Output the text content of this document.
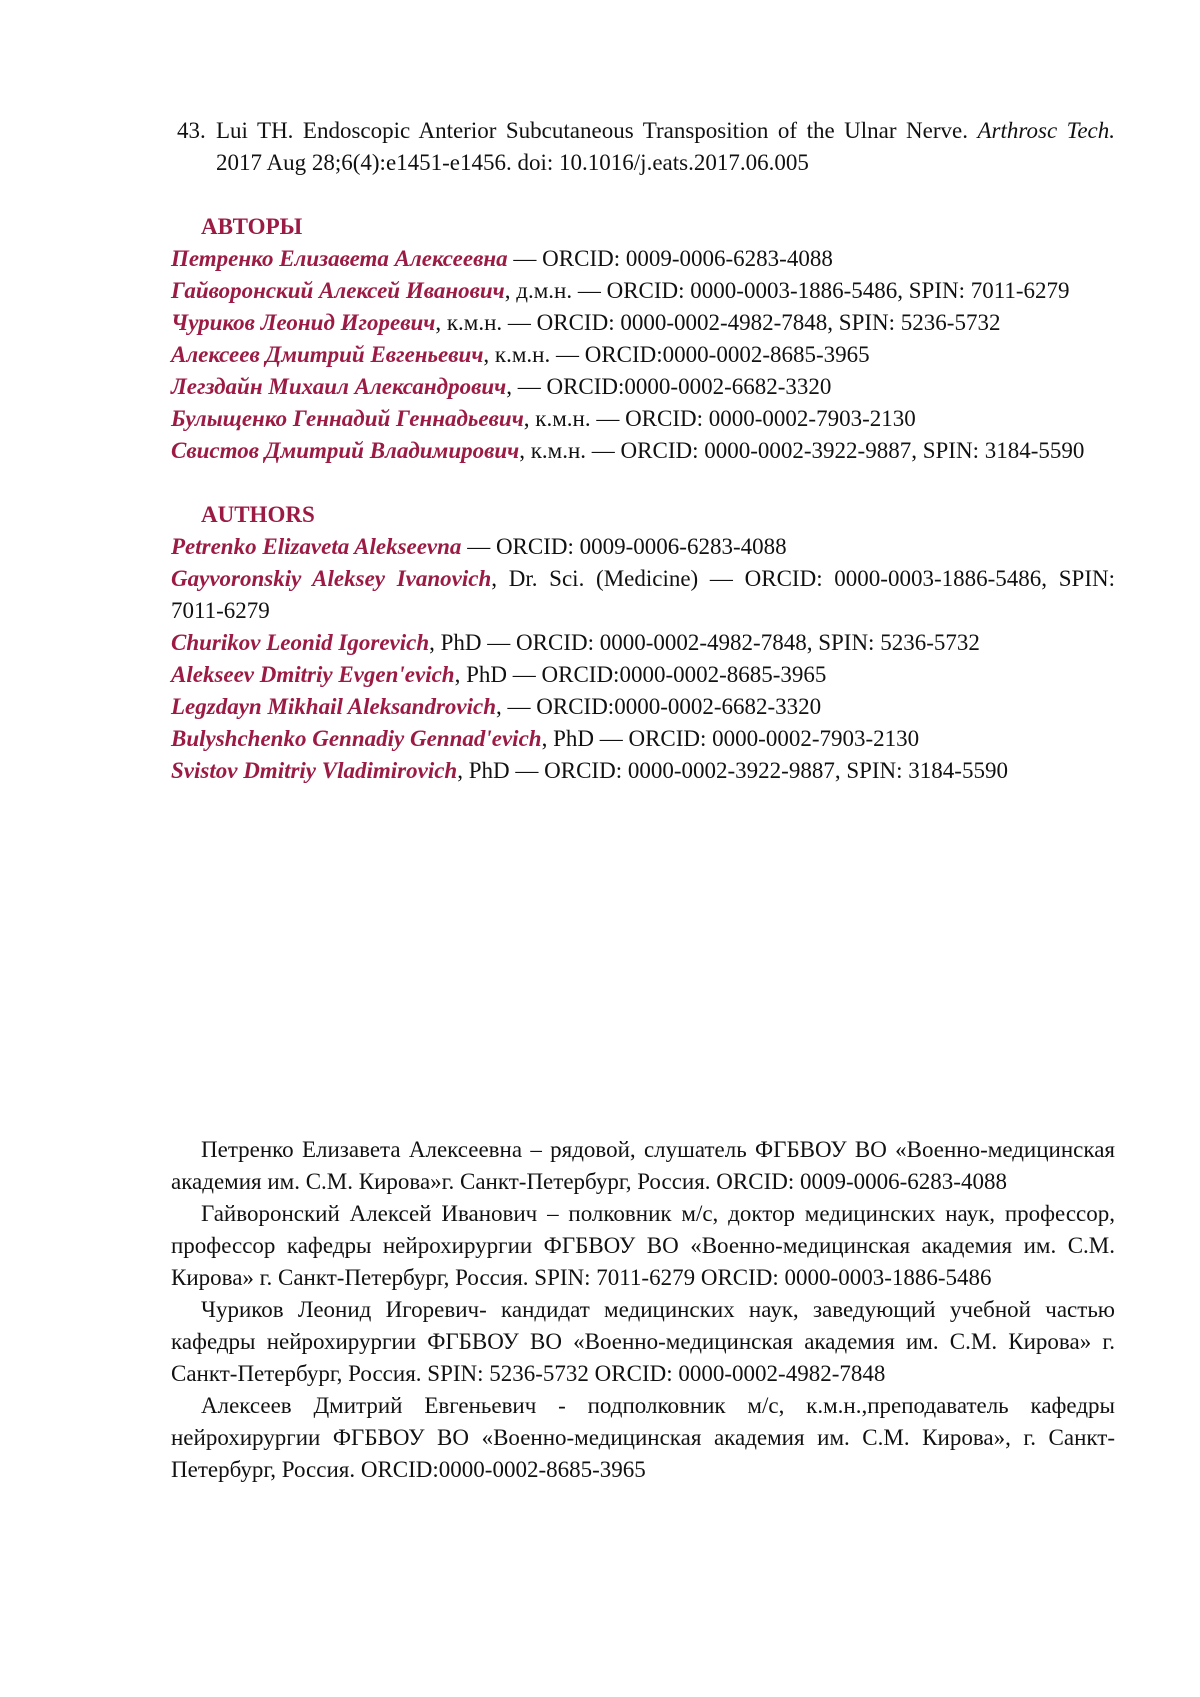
43. Lui TH. Endoscopic Anterior Subcutaneous Transposition of the Ulnar Nerve. Arthrosc Tech. 2017 Aug 28;6(4):e1451-e1456. doi: 10.1016/j.eats.2017.06.005

АВТОРЫ

Петренко Елизавета Алексеевна — ORCID: 0009-0006-6283-4088
Гайворонский Алексей Иванович, д.м.н. — ORCID: 0000-0003-1886-5486, SPIN: 7011-6279
Чуриков Леонид Игоревич, к.м.н. — ORCID: 0000-0002-4982-7848, SPIN: 5236-5732
Алексеев Дмитрий Евгеньевич, к.м.н. — ORCID:0000-0002-8685-3965
Легздайн Михаил Александрович, — ORCID:0000-0002-6682-3320
Булыщенко Геннадий Геннадьевич, к.м.н. — ORCID: 0000-0002-7903-2130
Свистов Дмитрий Владимирович, к.м.н. — ORCID: 0000-0002-3922-9887, SPIN: 3184-5590

AUTHORS

Petrenko Elizaveta Alekseevna — ORCID: 0009-0006-6283-4088
Gayvoronskiy Aleksey Ivanovich, Dr. Sci. (Medicine) — ORCID: 0000-0003-1886-5486, SPIN: 7011-6279
Churikov Leonid Igorevich, PhD — ORCID: 0000-0002-4982-7848, SPIN: 5236-5732
Alekseev Dmitriy Evgen'evich, PhD — ORCID:0000-0002-8685-3965
Legzdayn Mikhail Aleksandrovich, — ORCID:0000-0002-6682-3320
Bulyshchenko Gennadiy Gennad'evich, PhD — ORCID: 0000-0002-7903-2130
Svistov Dmitriy Vladimirovich, PhD — ORCID: 0000-0002-3922-9887, SPIN: 3184-5590

Петренко Елизавета Алексеевна – рядовой, слушатель ФГБВОУ ВО «Военно-медицинская академия им. С.М. Кирова»г. Санкт-Петербург, Россия. ORCID: 0009-0006-6283-4088

Гайворонский Алексей Иванович – полковник м/с, доктор медицинских наук, профессор, профессор кафедры нейрохирургии ФГБВОУ ВО «Военно-медицинская академия им. С.М. Кирова» г. Санкт-Петербург, Россия. SPIN: 7011-6279 ORCID: 0000-0003-1886-5486

Чуриков Леонид Игоревич- кандидат медицинских наук, заведующий учебной частью кафедры нейрохирургии ФГБВОУ ВО «Военно-медицинская академия им. С.М. Кирова» г. Санкт-Петербург, Россия. SPIN: 5236-5732 ORCID: 0000-0002-4982-7848

Алексеев Дмитрий Евгеньевич - подполковник м/с, к.м.н.,преподаватель кафедры нейрохирургии ФГБВОУ ВО «Военно-медицинская академия им. С.М. Кирова», г. Санкт-Петербург, Россия. ORCID:0000-0002-8685-3965
